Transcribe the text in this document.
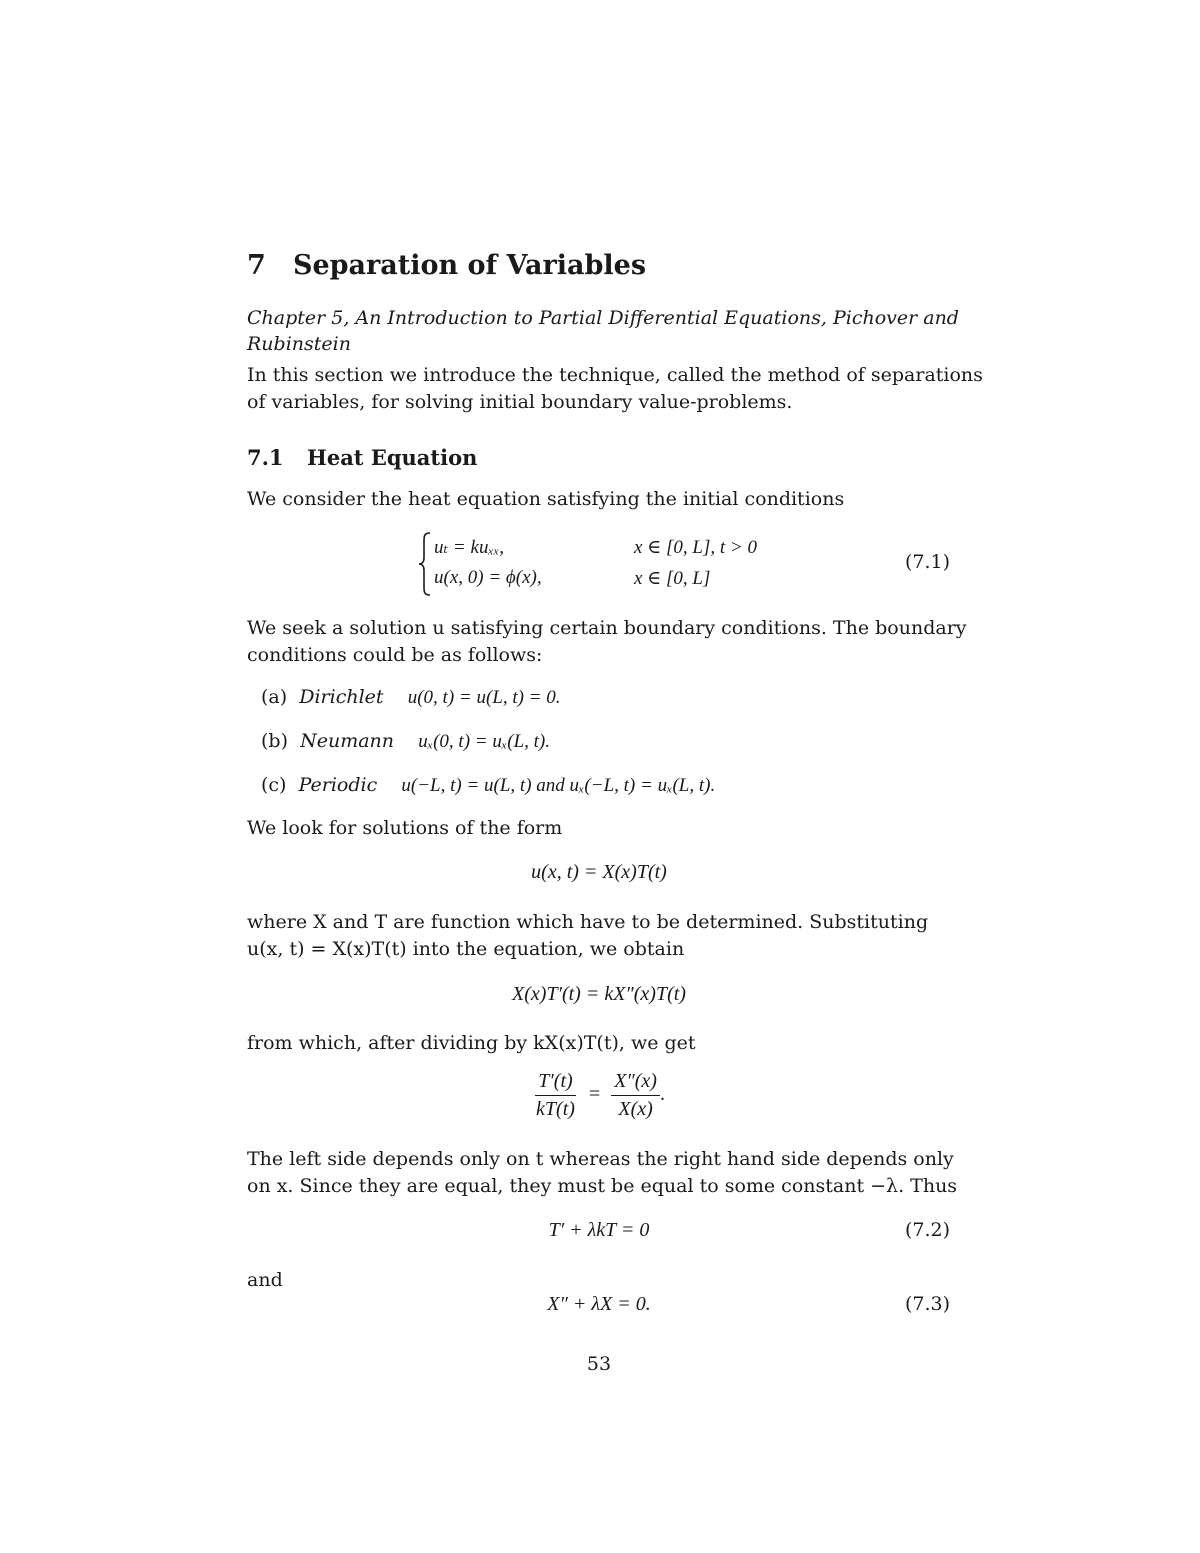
7 Separation of Variables
Chapter 5, An Introduction to Partial Differential Equations, Pichover and
Rubinstein
In this section we introduce the technique, called the method of separations
of variables, for solving initial boundary value-problems.
7.1 Heat Equation
We consider the heat equation satisfying the initial conditions
uₜ = kuₓₓ,	x ∈ [0, L], t > 0
u(x, 0) = ϕ(x),	x ∈ [0, L]
(7.1)
We seek a solution u satisfying certain boundary conditions. The boundary
conditions could be as follows:
(a) Dirichlet u(0, t) = u(L, t) = 0.
(b) Neumann uₓ(0, t) = uₓ(L, t).
(c) Periodic u(−L, t) = u(L, t) and uₓ(−L, t) = uₓ(L, t).
We look for solutions of the form
u(x, t) = X(x)T(t)
where X and T are function which have to be determined. Substituting
u(x, t) = X(x)T(t) into the equation, we obtain
X(x)T′(t) = kX″(x)T(t)
from which, after dividing by kX(x)T(t), we get
$\frac{T'(t)}{kT(t)} = \frac{X''(x)}{X(x)}$ .
The left side depends only on t whereas the right hand side depends only
on x. Since they are equal, they must be equal to some constant −λ. Thus
T′ + λkT = 0	(7.2)
and
X″ + λX = 0.	(7.3)
53
